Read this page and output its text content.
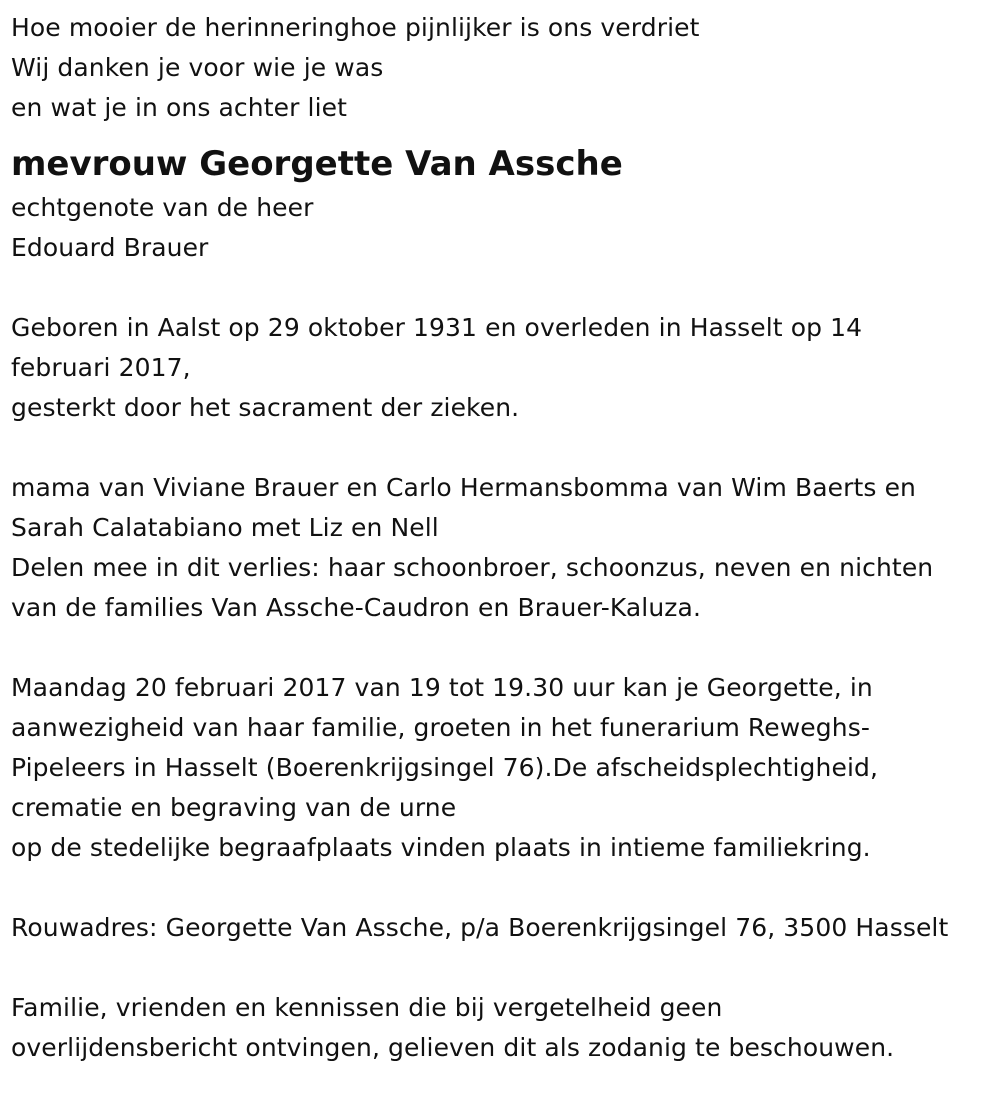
Hoe mooier de herinneringhoe pijnlijker is ons verdriet
Wij danken je voor wie je was
en wat je in ons achter liet
mevrouw Georgette Van Assche
echtgenote van de heer
Edouard Brauer
Geboren in Aalst op 29 oktober 1931 en overleden in Hasselt op 14
februari 2017,
gesterkt door het sacrament der zieken.
mama van Viviane Brauer en Carlo Hermansbomma van Wim Baerts en
Sarah Calatabiano met Liz en Nell
Delen mee in dit verlies: haar schoonbroer, schoonzus, neven en nichten
van de families Van Assche-Caudron en Brauer-Kaluza.
Maandag 20 februari 2017 van 19 tot 19.30 uur kan je Georgette, in
aanwezigheid van haar familie, groeten in het funerarium Reweghs-
Pipeleers in Hasselt (Boerenkrijgsingel 76).De afscheidsplechtigheid,
crematie en begraving van de urne
op de stedelijke begraafplaats vinden plaats in intieme familiekring.
Rouwadres: Georgette Van Assche, p/a Boerenkrijgsingel 76, 3500 Hasselt
Familie, vrienden en kennissen die bij vergetelheid geen
overlijdensbericht ontvingen, gelieven dit als zodanig te beschouwen.
